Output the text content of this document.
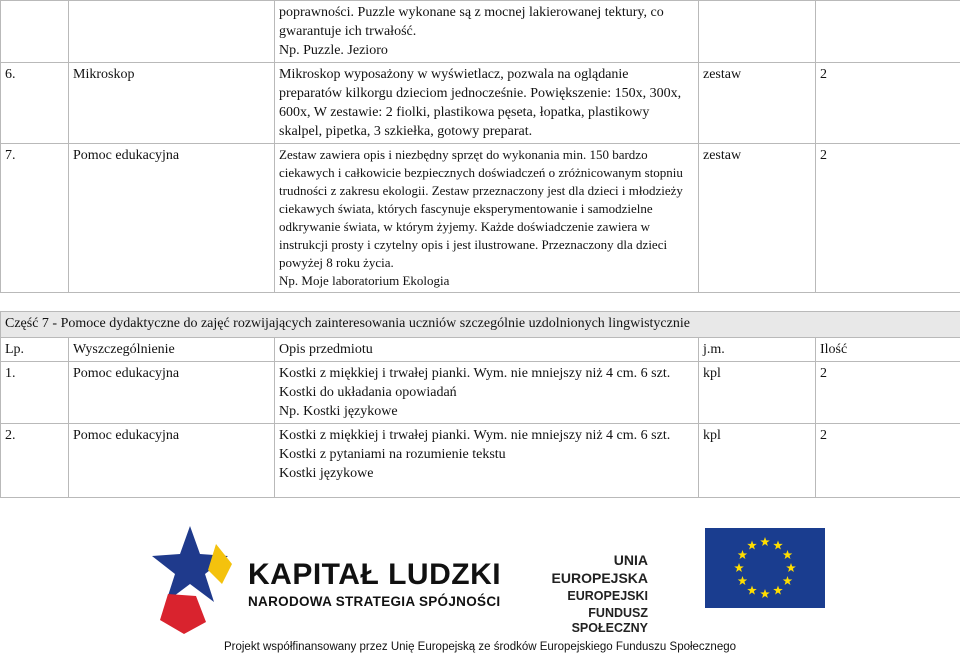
		poprawności. Puzzle wykonane są z mocnej lakierowanej tektury, co gwarantuje ich trwałość.
Np. Puzzle. Jezioro		
6.	Mikroskop	Mikroskop wyposażony w wyświetlacz, pozwala na oglądanie preparatów kilkorgu dzieciom jednocześnie. Powiększenie: 150x, 300x, 600x, W zestawie: 2 fiolki, plastikowa pęseta, łopatka, plastikowy skalpel, pipetka, 3 szkiełka, gotowy preparat.	zestaw	2
7.	Pomoc edukacyjna	Zestaw zawiera opis i niezbędny sprzęt do wykonania min. 150 bardzo ciekawych i całkowicie bezpiecznych doświadczeń o zróżnicowanym stopniu trudności z zakresu ekologii. Zestaw przeznaczony jest dla dzieci i młodzieży ciekawych świata, których fascynuje eksperymentowanie i samodzielne odkrywanie świata, w którym żyjemy. Każde doświadczenie zawiera w instrukcji prosty i czytelny opis i jest ilustrowane. Przeznaczony dla dzieci powyżej 8 roku życia.
Np. Moje laboratorium Ekologia	zestaw	2
Część 7 - Pomoce dydaktyczne do zajęć rozwijających zainteresowania uczniów szczególnie uzdolnionych lingwistycznie				
Lp.	Wyszczególnienie	Opis przedmiotu	j.m.	Ilość
1.	Pomoc edukacyjna	Kostki z miękkiej i trwałej pianki. Wym. nie mniejszy niż 4 cm. 6 szt.
Kostki do układania opowiadań
Np. Kostki językowe	kpl	2
2.	Pomoc edukacyjna	Kostki z miękkiej i trwałej pianki. Wym. nie mniejszy niż 4 cm. 6 szt.
Kostki z pytaniami na rozumienie tekstu
Kostki językowe	kpl	2
KAPITAŁ LUDZKI
NARODOWA STRATEGIA SPÓJNOŚCI
UNIA EUROPEJSKA
EUROPEJSKI
FUNDUSZ SPOŁECZNY
Projekt współfinansowany przez Unię Europejską ze środków Europejskiego Funduszu Społecznego
